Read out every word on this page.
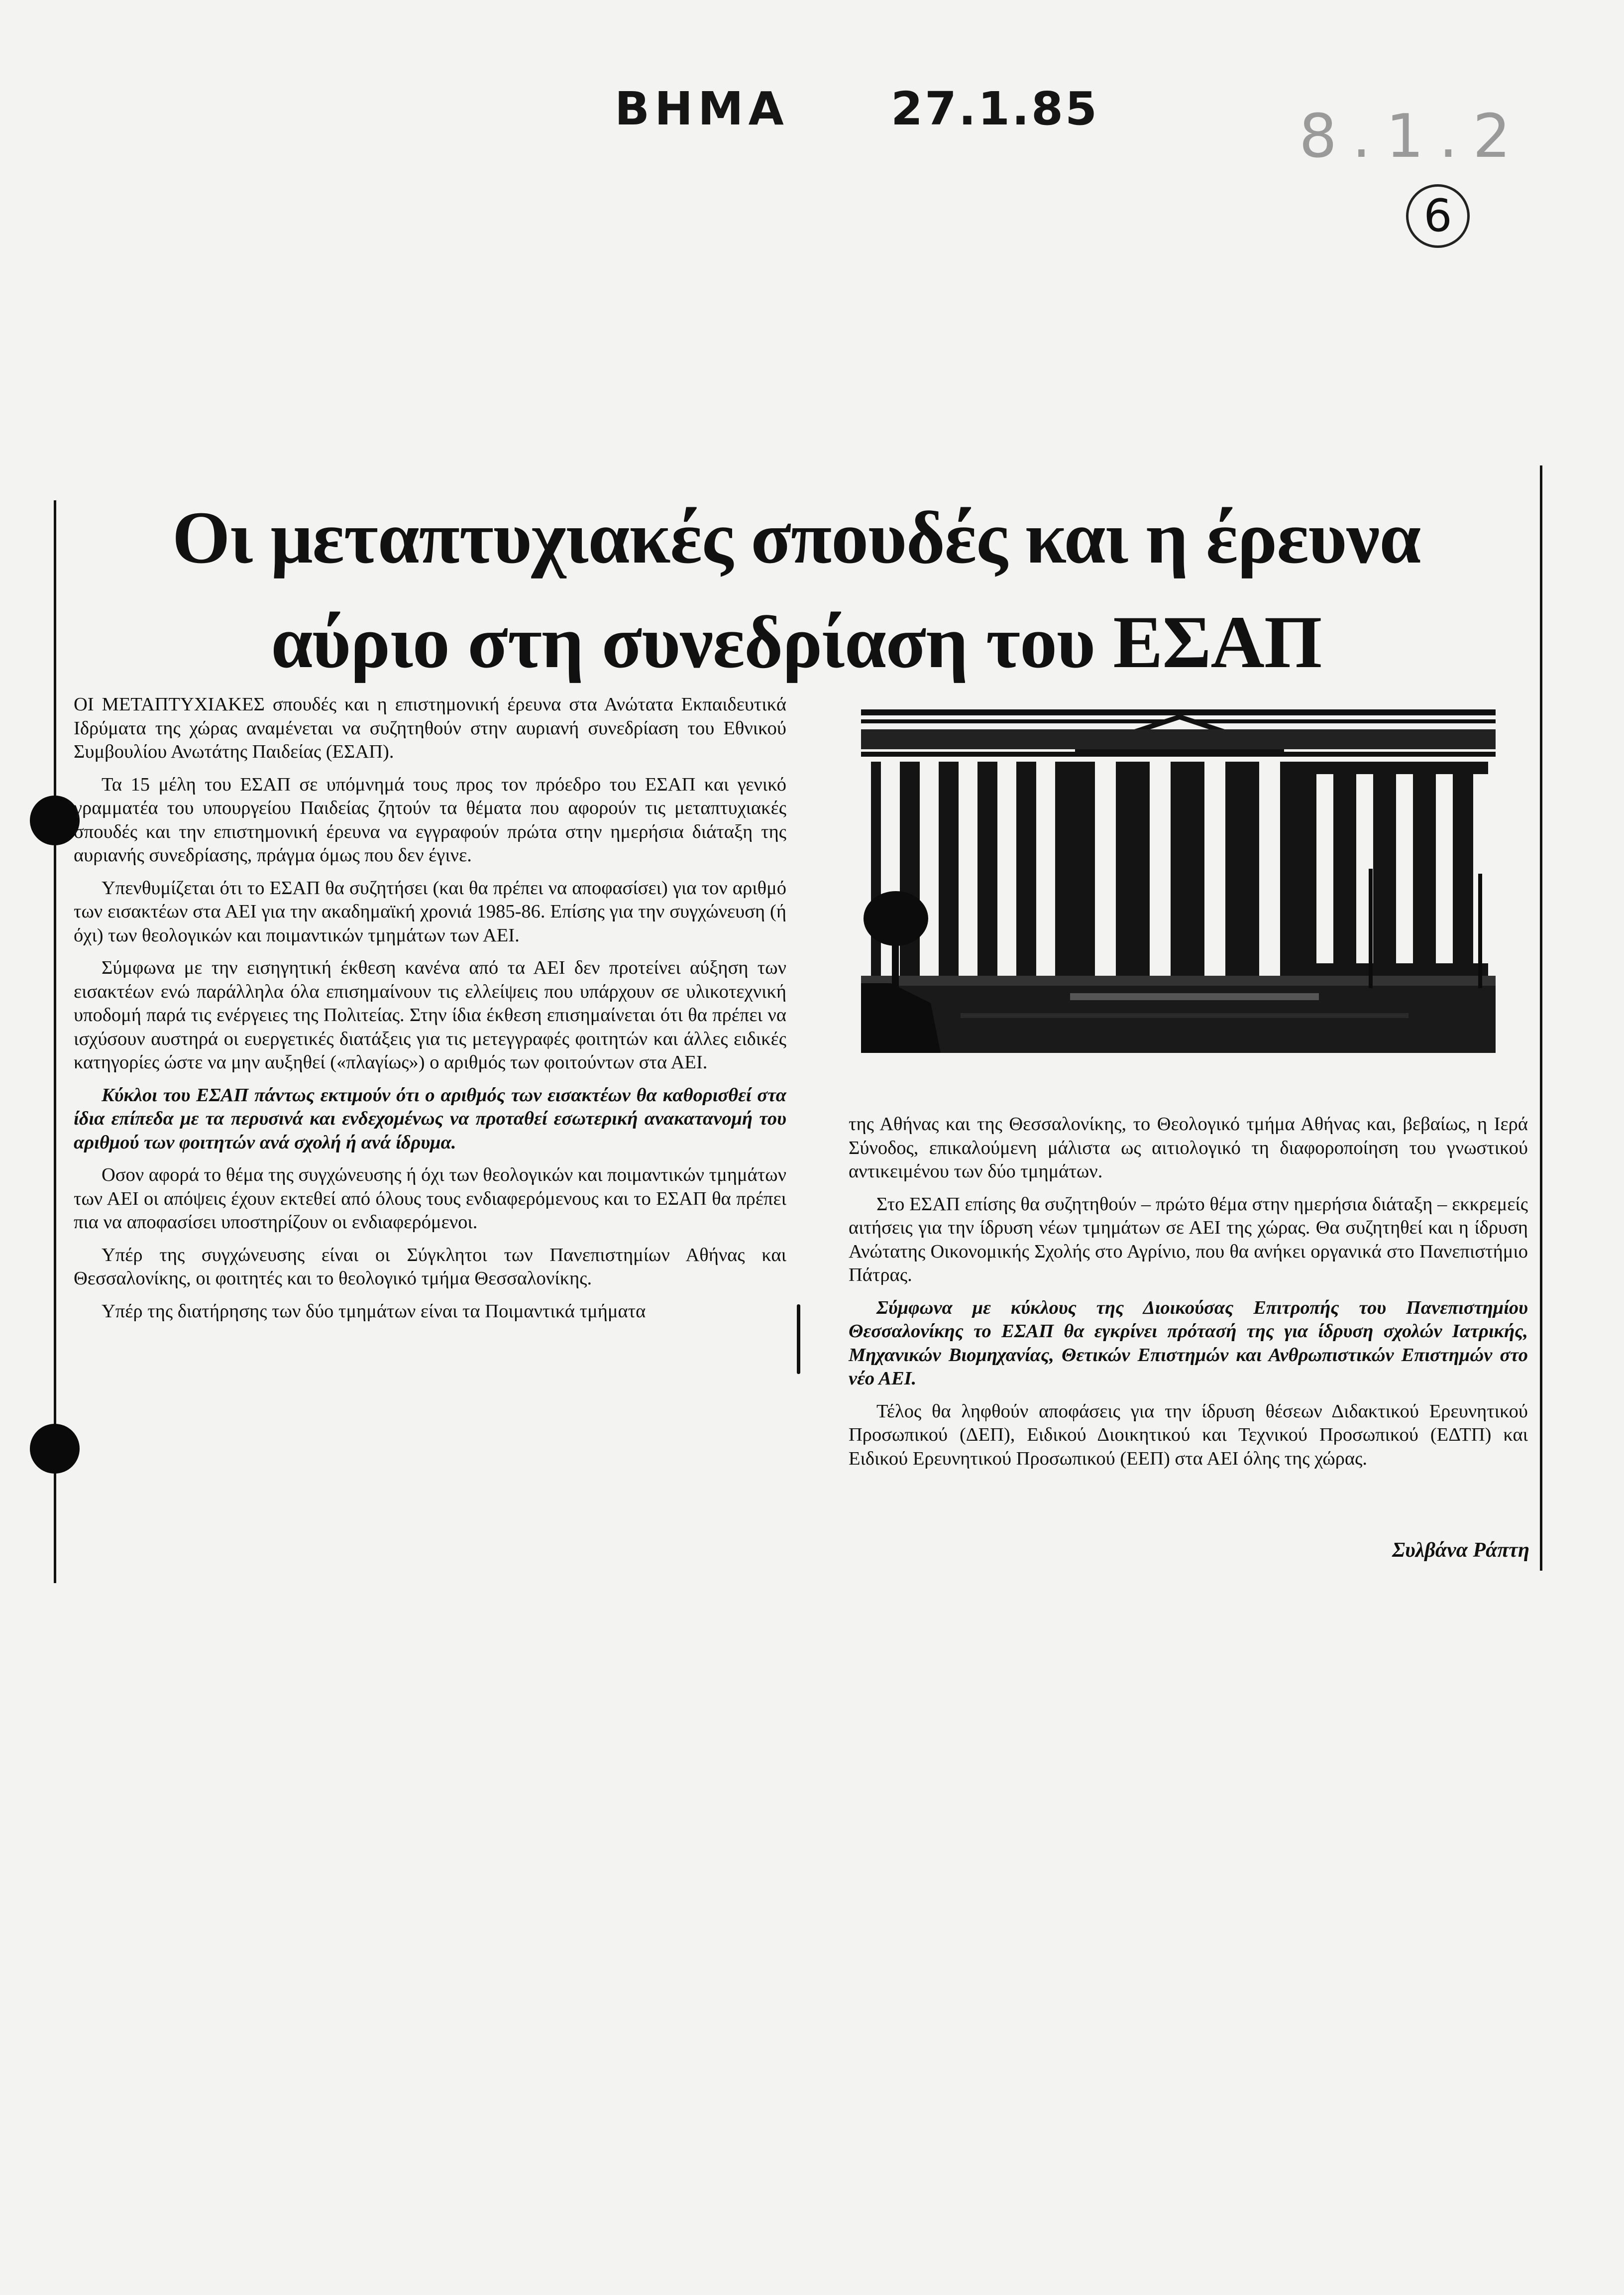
ΒΗΜΑ 27.1.85	8.1.2
6
Οι μεταπτυχιακές σπουδές και η έρευνα
αύριο στη συνεδρίαση του ΕΣΑΠ

ΟΙ ΜΕΤΑΠΤΥΧΙΑΚΕΣ σπουδές και η επιστημονική έρευνα στα Ανώτατα Εκπαιδευτικά Ιδρύματα της χώρας αναμένεται να συζητηθούν στην αυριανή συνεδρίαση του Εθνικού Συμβουλίου Ανωτάτης Παιδείας (ΕΣΑΠ).

Τα 15 μέλη του ΕΣΑΠ σε υπόμνημά τους προς τον πρόεδρο του ΕΣΑΠ και γενικό γραμματέα του υπουργείου Παιδείας ζητούν τα θέματα που αφορούν τις μεταπτυχιακές σπουδές και την επιστημονική έρευνα να εγγραφούν πρώτα στην ημερήσια διάταξη της αυριανής συνεδρίασης, πράγμα όμως που δεν έγινε.

Υπενθυμίζεται ότι το ΕΣΑΠ θα συζητήσει (και θα πρέπει να αποφασίσει) για τον αριθμό των εισακτέων στα ΑΕΙ για την ακαδημαϊκή χρονιά 1985-86. Επίσης για την συγχώνευση (ή όχι) των θεολογικών και ποιμαντικών τμημάτων των ΑΕΙ.

Σύμφωνα με την εισηγητική έκθεση κανένα από τα ΑΕΙ δεν προτείνει αύξηση των εισακτέων ενώ παράλληλα όλα επισημαίνουν τις ελλείψεις που υπάρχουν σε υλικοτεχνική υποδομή παρά τις ενέργειες της Πολιτείας. Στην ίδια έκθεση επισημαίνεται ότι θα πρέπει να ισχύσουν αυστηρά οι ευεργετικές διατάξεις για τις μετεγγραφές φοιτητών και άλλες ειδικές κατηγορίες ώστε να μην αυξηθεί («πλαγίως») ο αριθμός των φοιτούντων στα ΑΕΙ.

Κύκλοι του ΕΣΑΠ πάντως εκτιμούν ότι ο αριθμός των εισακτέων θα καθορισθεί στα ίδια επίπεδα με τα περυσινά και ενδεχομένως να προταθεί εσωτερική ανακατανομή του αριθμού των φοιτητών ανά σχολή ή ανά ίδρυμα.

Οσον αφορά το θέμα της συγχώνευσης ή όχι των θεολογικών και ποιμαντικών τμημάτων των ΑΕΙ οι απόψεις έχουν εκτεθεί από όλους τους ενδιαφερόμενους και το ΕΣΑΠ θα πρέπει πια να αποφασίσει υποστηρίζουν οι ενδιαφερόμενοι.

Υπέρ της συγχώνευσης είναι οι Σύγκλητοι των Πανεπιστημίων Αθήνας και Θεσσαλονίκης, οι φοιτητές και το θεολογικό τμήμα Θεσσαλονίκης.

Υπέρ της διατήρησης των δύο τμημάτων είναι τα Ποιμαντικά τμήματα

της Αθήνας και της Θεσσαλονίκης, το Θεολογικό τμήμα Αθήνας και, βεβαίως, η Ιερά Σύνοδος, επικαλούμενη μάλιστα ως αιτιολογικό τη διαφοροποίηση του γνωστικού αντικειμένου των δύο τμημάτων.

Στο ΕΣΑΠ επίσης θα συζητηθούν – πρώτο θέμα στην ημερήσια διάταξη – εκκρεμείς αιτήσεις για την ίδρυση νέων τμημάτων σε ΑΕΙ της χώρας. Θα συζητηθεί και η ίδρυση Ανώτατης Οικονομικής Σχολής στο Αγρίνιο, που θα ανήκει οργανικά στο Πανεπιστήμιο Πάτρας.

Σύμφωνα με κύκλους της Διοικούσας Επιτροπής του Πανεπιστημίου Θεσσαλονίκης το ΕΣΑΠ θα εγκρίνει πρότασή της για ίδρυση σχολών Ιατρικής, Μηχανικών Βιομηχανίας, Θετικών Επιστημών και Ανθρωπιστικών Επιστημών στο νέο ΑΕΙ.

Τέλος θα ληφθούν αποφάσεις για την ίδρυση θέσεων Διδακτικού Ερευνητικού Προσωπικού (ΔΕΠ), Ειδικού Διοικητικού και Τεχνικού Προσωπικού (ΕΔΤΠ) και Ειδικού Ερευνητικού Προσωπικού (ΕΕΠ) στα ΑΕΙ όλης της χώρας.

Συλβάνα Ράπτη
